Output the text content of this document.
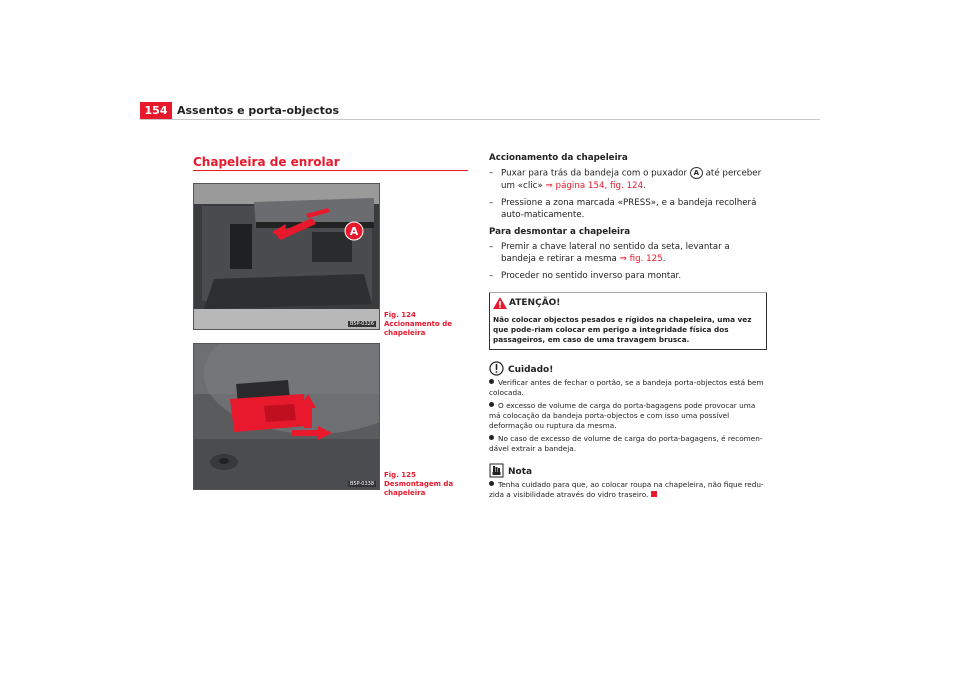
154 Assentos e porta-objectos
Chapeleira de enrolar
A
B5P-0326
Fig. 124 Accionamento de chapeleira
B5P-0338
Fig. 125 Desmontagem da chapeleira
Accionamento da chapeleira
– Puxar para trás da bandeja com o puxador A até perceber um «clic» ⇒ página 154, fig. 124.
– Pressione a zona marcada «PRESS», e a bandeja recolherá auto-maticamente.
Para desmontar a chapeleira
– Premir a chave lateral no sentido da seta, levantar a bandeja e retirar a mesma ⇒ fig. 125.
– Proceder no sentido inverso para montar.
ATENÇÃO!
Não colocar objectos pesados e rígidos na chapeleira, uma vez que pode-riam colocar em perigo a integridade física dos passageiros, em caso de uma travagem brusca.
Cuidado!
Verificar antes de fechar o portão, se a bandeja porta-objectos está bem colocada.
O excesso de volume de carga do porta-bagagens pode provocar uma má colocação da bandeja porta-objectos e com isso uma possível deformação ou ruptura da mesma.
No caso de excesso de volume de carga do porta-bagagens, é recomen-dável extrair a bandeja.
Nota
Tenha cuidado para que, ao colocar roupa na chapeleira, não fique redu-zida a visibilidade através do vidro traseiro.
